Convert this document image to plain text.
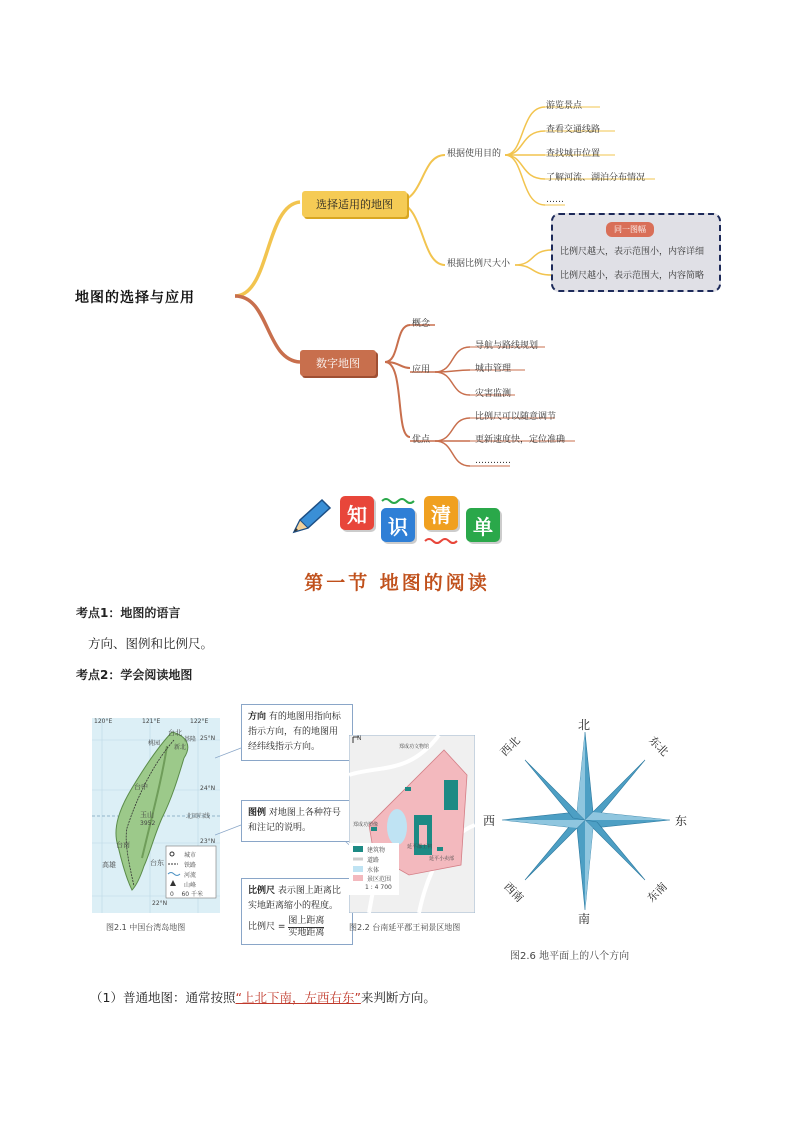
地图的选择与应用
选择适用的地图
根据使用目的
游览景点
查看交通线路
查找城市位置
了解河流、湖泊分布情况
……
根据比例尺大小
同一图幅
比例尺越大，表示范围小，内容详细
比例尺越小，表示范围大，内容简略
数字地图
概念
应用
导航与路线规划
城市管理
灾害监测
优点
比例尺可以随意调节
更新速度快，定位准确
…………
知 识 清 单
第一节 地图的阅读
考点1：地图的语言
方向、图例和比例尺。
考点2：学会阅读地图
120°E	121°E	122°E
25°N
24°N
23°N
22°N
台北
基隆
桃园
新北
台中
玉山
3952
台南
高雄	台东
北回归线
城市
铁路
河流
山峰
0    60 千米
图2.1 中国台湾岛地图
方向 有的地图用指向标指示方向，有的地图用经纬线指示方向。
图例 对地图上各种符号和注记的说明。
比例尺 表示图上距离比实地距离缩小的程度。
比例尺 =
图上距离
实地距离
N
郑成功文物馆
郑成功塑像
延平郡王祠
延平小卖部
建筑物
道路
水体
景区范围
1 : 4 700
图2.2 台南延平郡王祠景区地图
北
东北
东
东南
南
西南
西
西北
图2.6 地平面上的八个方向
（1）普通地图：通常按照“上北下南，左西右东”来判断方向。
